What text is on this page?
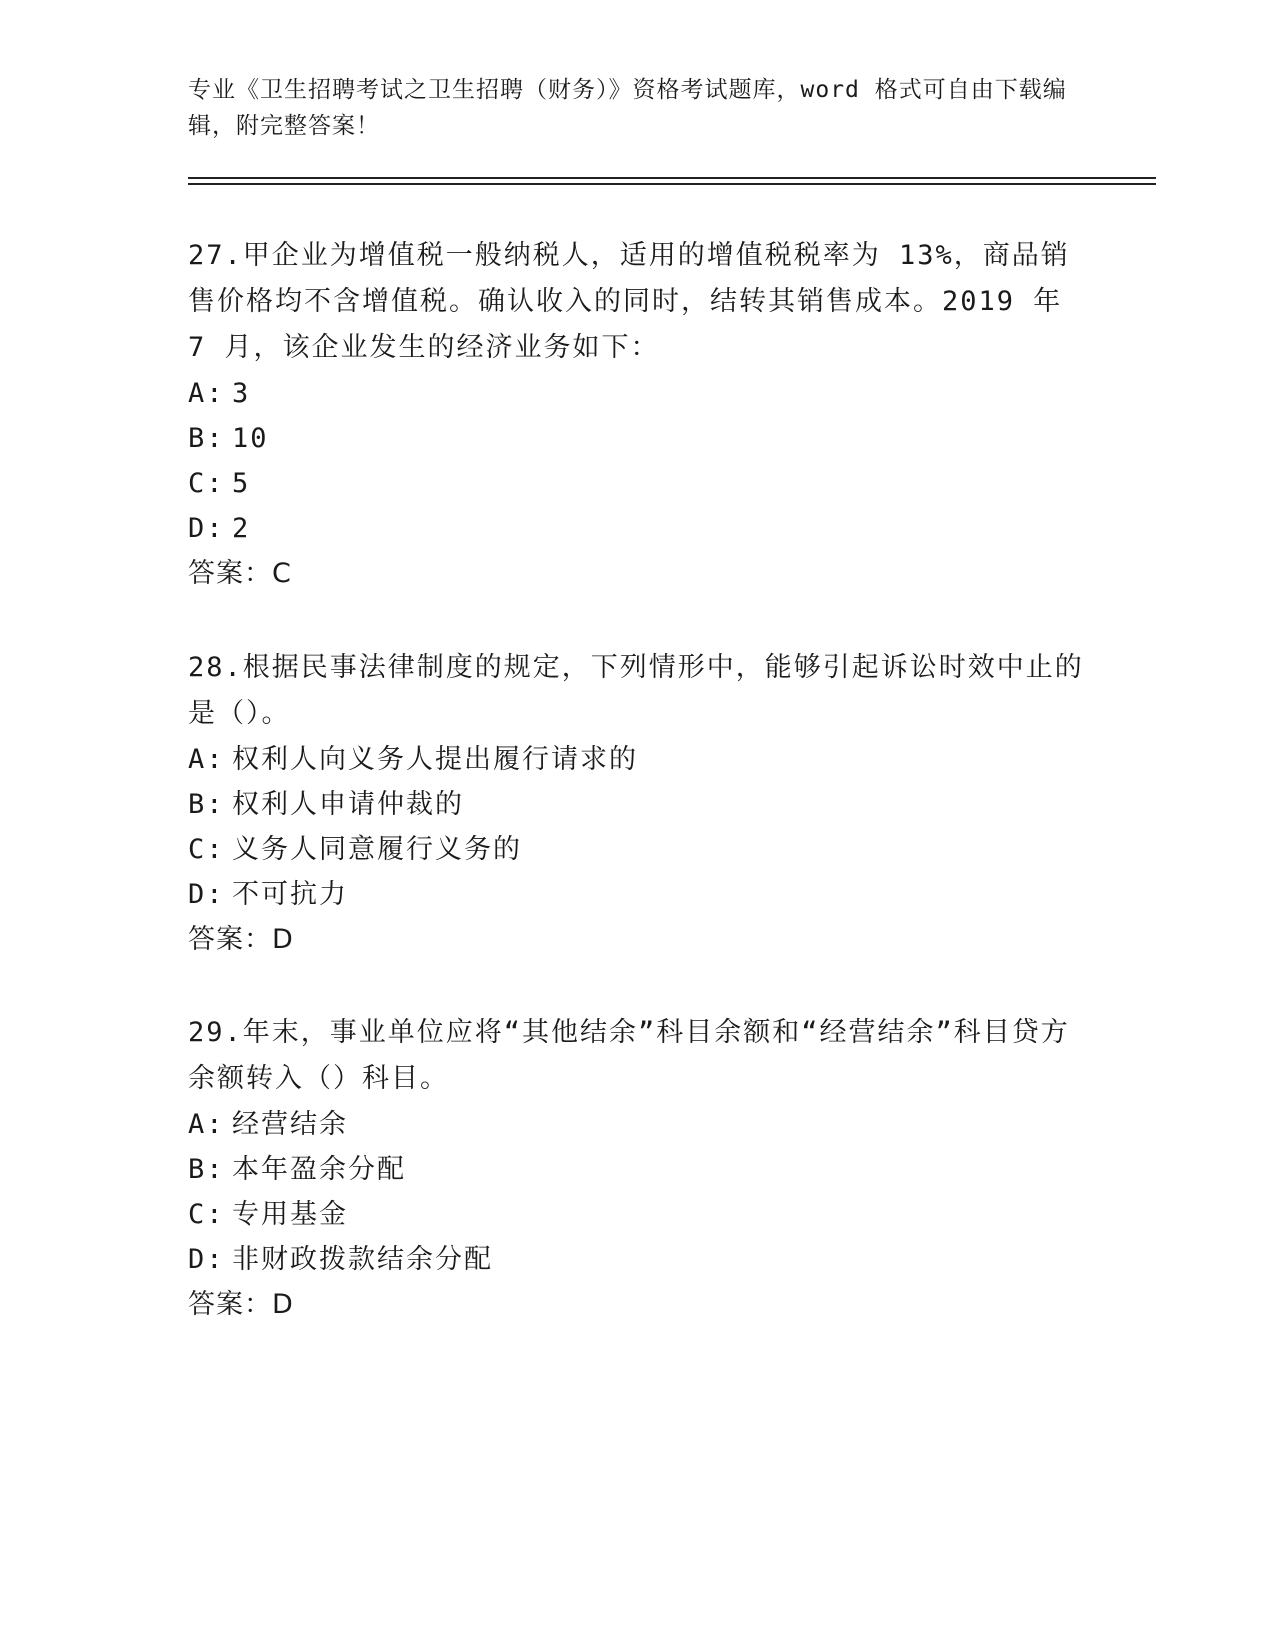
专业《卫生招聘考试之卫生招聘（财务）》资格考试题库，word 格式可自由下载编辑，附完整答案！

27.甲企业为增值税一般纳税人，适用的增值税税率为 13%，商品销售价格均不含增值税。确认收入的同时，结转其销售成本。2019 年 7 月，该企业发生的经济业务如下：

A: 3

B: 10

C: 5

D: 2

答案：C

28.根据民事法律制度的规定，下列情形中，能够引起诉讼时效中止的是（）。

A: 权利人向义务人提出履行请求的

B: 权利人申请仲裁的

C: 义务人同意履行义务的

D: 不可抗力

答案：D

29.年末，事业单位应将“其他结余”科目余额和“经营结余”科目贷方余额转入（）科目。

A: 经营结余

B: 本年盈余分配

C: 专用基金

D: 非财政拨款结余分配

答案：D
